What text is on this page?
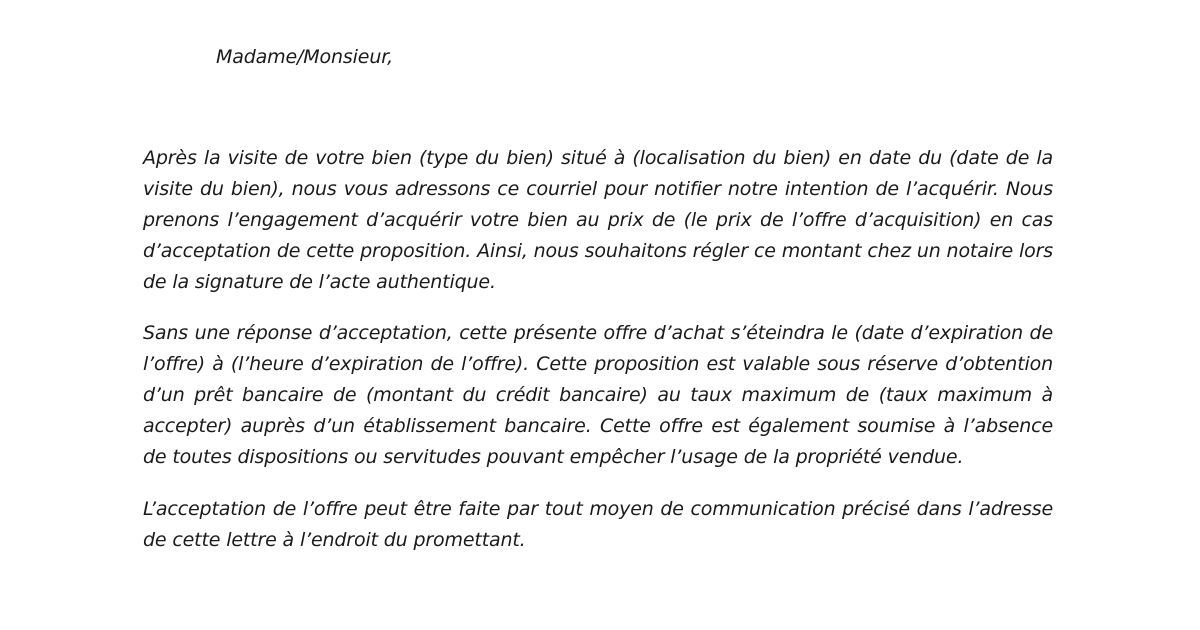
Madame/Monsieur,

Après la visite de votre bien (type du bien) situé à (localisation du bien) en date du (date de la visite du bien), nous vous adressons ce courriel pour notifier notre intention de l’acquérir. Nous prenons l’engagement d’acquérir votre bien au prix de (le prix de l’offre d’acquisition) en cas d’acceptation de cette proposition. Ainsi, nous souhaitons régler ce montant chez un notaire lors de la signature de l’acte authentique.

Sans une réponse d’acceptation, cette présente offre d’achat s’éteindra le (date d’expiration de l’offre) à (l’heure d’expiration de l’offre). Cette proposition est valable sous réserve d’obtention d’un prêt bancaire de (montant du crédit bancaire) au taux maximum de (taux maximum à accepter) auprès d’un établissement bancaire. Cette offre est également soumise à l’absence de toutes dispositions ou servitudes pouvant empêcher l’usage de la propriété vendue.

L’acceptation de l’offre peut être faite par tout moyen de communication précisé dans l’adresse de cette lettre à l’endroit du promettant.
